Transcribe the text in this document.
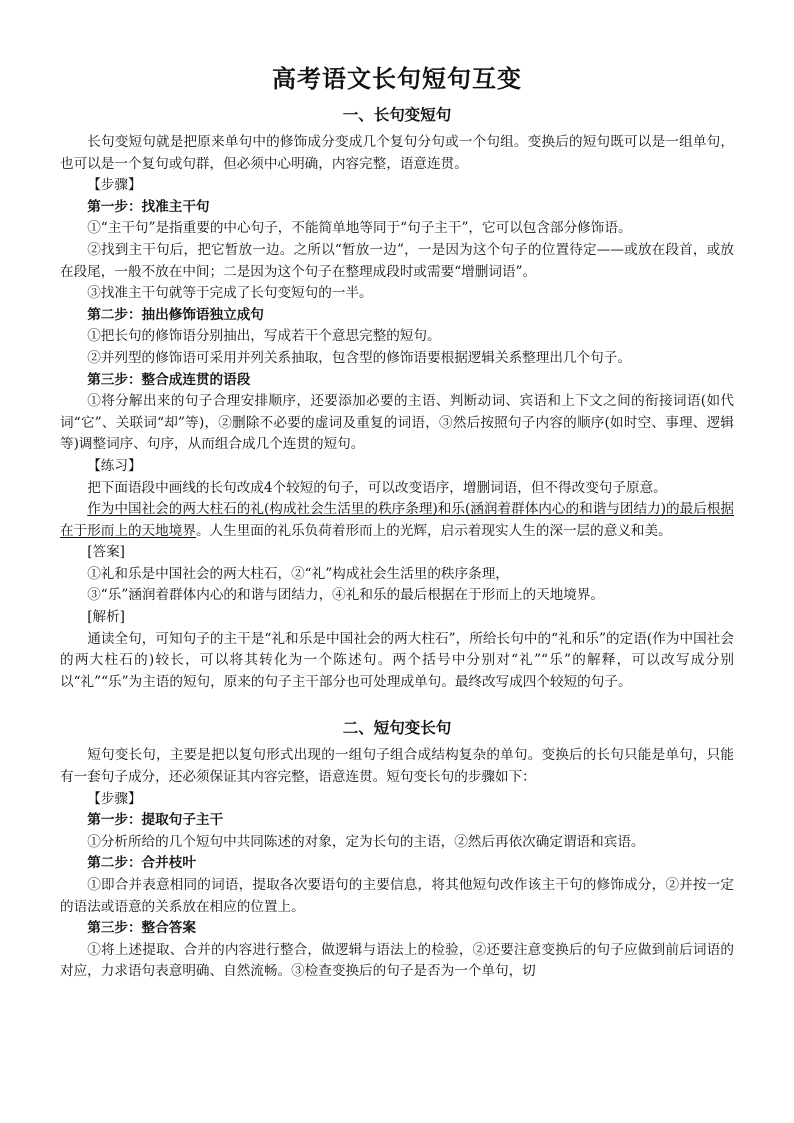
高考语文长句短句互变
一、长句变短句

长句变短句就是把原来单句中的修饰成分变成几个复句分句或一个句组。变换后的短句既可以是一组单句，也可以是一个复句或句群，但必须中心明确，内容完整，语意连贯。

【步骤】

第一步：找准主干句

①“主干句”是指重要的中心句子，不能简单地等同于“句子主干”，它可以包含部分修饰语。

②找到主干句后，把它暂放一边。之所以“暂放一边”，一是因为这个句子的位置待定——或放在段首，或放在段尾，一般不放在中间；二是因为这个句子在整理成段时或需要“增删词语”。

③找准主干句就等于完成了长句变短句的一半。

第二步：抽出修饰语独立成句

①把长句的修饰语分别抽出，写成若干个意思完整的短句。

②并列型的修饰语可采用并列关系抽取，包含型的修饰语要根据逻辑关系整理出几个句子。

第三步：整合成连贯的语段

①将分解出来的句子合理安排顺序，还要添加必要的主语、判断动词、宾语和上下文之间的衔接词语(如代词“它”、关联词“却”等)，②删除不必要的虚词及重复的词语，③然后按照句子内容的顺序(如时空、事理、逻辑等)调整词序、句序，从而组合成几个连贯的短句。

【练习】

把下面语段中画线的长句改成4个较短的句子，可以改变语序，增删词语，但不得改变句子原意。

作为中国社会的两大柱石的礼(构成社会生活里的秩序条理)和乐(涵润着群体内心的和谐与团结力)的最后根据在于形而上的天地境界。人生里面的礼乐负荷着形而上的光辉，启示着现实人生的深一层的意义和美。

[答案]

①礼和乐是中国社会的两大柱石，②“礼”构成社会生活里的秩序条理，

③“乐”涵润着群体内心的和谐与团结力，④礼和乐的最后根据在于形而上的天地境界。

[解析]

通读全句，可知句子的主干是“礼和乐是中国社会的两大柱石”，所给长句中的“礼和乐”的定语(作为中国社会的两大柱石的)较长，可以将其转化为一个陈述句。两个括号中分别对“礼”“乐”的解释，可以改写成分别以“礼”“乐”为主语的短句，原来的句子主干部分也可处理成单句。最终改写成四个较短的句子。

二、短句变长句

短句变长句，主要是把以复句形式出现的一组句子组合成结构复杂的单句。变换后的长句只能是单句，只能有一套句子成分，还必须保证其内容完整，语意连贯。短句变长句的步骤如下：

【步骤】

第一步：提取句子主干

①分析所给的几个短句中共同陈述的对象，定为长句的主语，②然后再依次确定谓语和宾语。

第二步：合并枝叶

①即合并表意相同的词语，提取各次要语句的主要信息，将其他短句改作该主干句的修饰成分，②并按一定的语法或语意的关系放在相应的位置上。

第三步：整合答案

①将上述提取、合并的内容进行整合，做逻辑与语法上的检验，②还要注意变换后的句子应做到前后词语的对应，力求语句表意明确、自然流畅。③检查变换后的句子是否为一个单句，切
